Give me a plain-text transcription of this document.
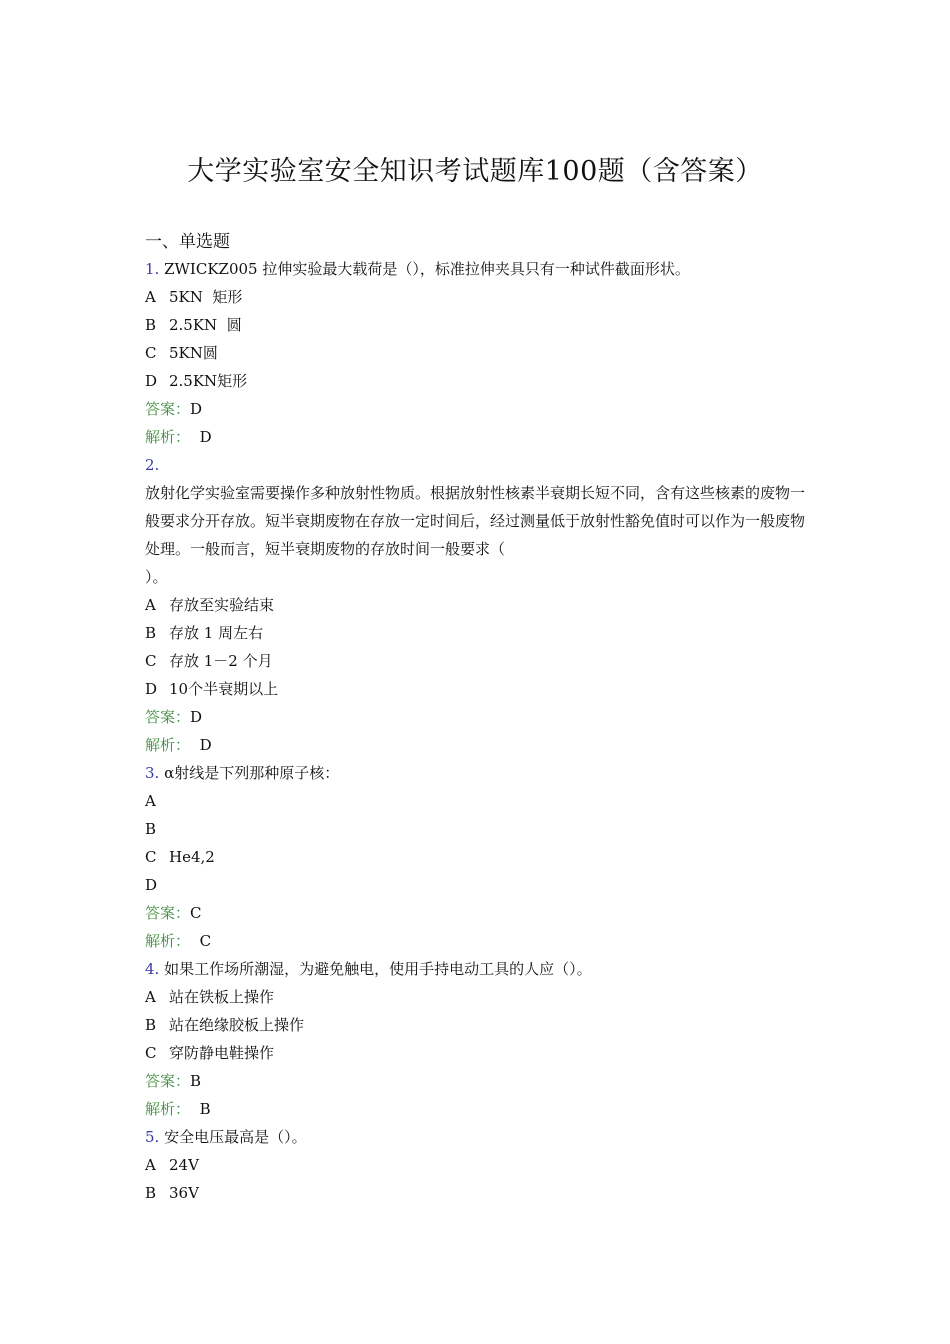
大学实验室安全知识考试题库100题（含答案）
一、单选题
1. ZWICKZ005 拉伸实验最大载荷是（），标准拉伸夹具只有一种试件截面形状。
A 5KN  矩形
B 2.5KN  圆
C 5KN圆
D 2.5KN矩形
答案：D
解析： D
2.
放射化学实验室需要操作多种放射性物质。根据放射性核素半衰期长短不同，含有这些核素的废物一般要求分开存放。短半衰期废物在存放一定时间后，经过测量低于放射性豁免值时可以作为一般废物处理。一般而言，短半衰期废物的存放时间一般要求（
）。
A 存放至实验结束
B 存放 1 周左右
C 存放 1－2 个月
D 10个半衰期以上
答案：D
解析： D
3. α射线是下列那种原子核：
A
B
C He4,2
D
答案：C
解析： C
4. 如果工作场所潮湿，为避免触电，使用手持电动工具的人应（）。
A 站在铁板上操作
B 站在绝缘胶板上操作
C 穿防静电鞋操作
答案：B
解析： B
5. 安全电压最高是（）。
A 24V
B 36V
